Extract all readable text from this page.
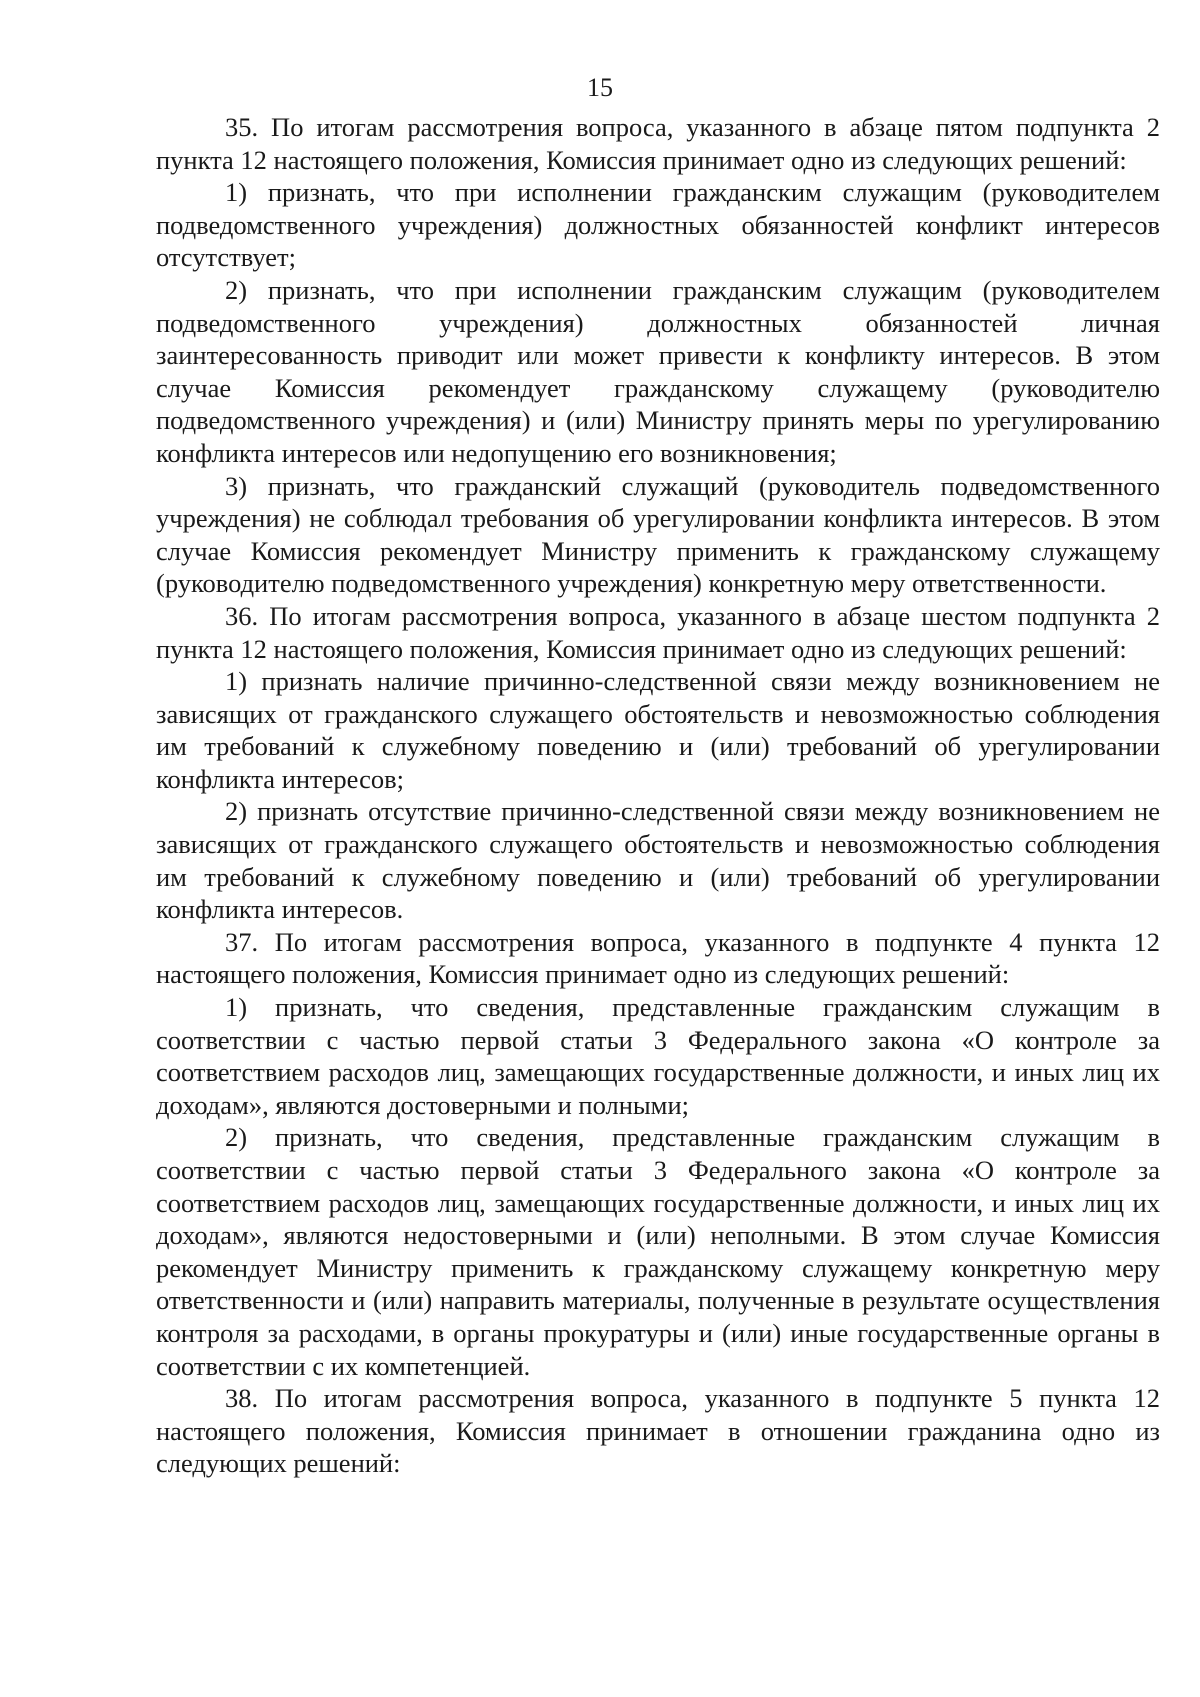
15

35. По итогам рассмотрения вопроса, указанного в абзаце пятом подпункта 2 пункта 12 настоящего положения, Комиссия принимает одно из следующих решений:

1) признать, что при исполнении гражданским служащим (руководителем подведомственного учреждения) должностных обязанностей конфликт интересов отсутствует;

2) признать, что при исполнении гражданским служащим (руководителем подведомственного учреждения) должностных обязанностей личная заинтересованность приводит или может привести к конфликту интересов. В этом случае Комиссия рекомендует гражданскому служащему (руководителю подведомственного учреждения) и (или) Министру принять меры по урегулированию конфликта интересов или недопущению его возникновения;

3) признать, что гражданский служащий (руководитель подведомственного учреждения) не соблюдал требования об урегулировании конфликта интересов. В этом случае Комиссия рекомендует Министру применить к гражданскому служащему (руководителю подведомственного учреждения) конкретную меру ответственности.

36. По итогам рассмотрения вопроса, указанного в абзаце шестом подпункта 2 пункта 12 настоящего положения, Комиссия принимает одно из следующих решений:

1) признать наличие причинно-следственной связи между возникновением не зависящих от гражданского служащего обстоятельств и невозможностью соблюдения им требований к служебному поведению и (или) требований об урегулировании конфликта интересов;

2) признать отсутствие причинно-следственной связи между возникновением не зависящих от гражданского служащего обстоятельств и невозможностью соблюдения им требований к служебному поведению и (или) требований об урегулировании конфликта интересов.

37. По итогам рассмотрения вопроса, указанного в подпункте 4 пункта 12 настоящего положения, Комиссия принимает одно из следующих решений:

1) признать, что сведения, представленные гражданским служащим в соответствии с частью первой статьи 3 Федерального закона «О контроле за соответствием расходов лиц, замещающих государственные должности, и иных лиц их доходам», являются достоверными и полными;

2) признать, что сведения, представленные гражданским служащим в соответствии с частью первой статьи 3 Федерального закона «О контроле за соответствием расходов лиц, замещающих государственные должности, и иных лиц их доходам», являются недостоверными и (или) неполными. В этом случае Комиссия рекомендует Министру применить к гражданскому служащему конкретную меру ответственности и (или) направить материалы, полученные в результате осуществления контроля за расходами, в органы прокуратуры и (или) иные государственные органы в соответствии с их компетенцией.

38. По итогам рассмотрения вопроса, указанного в подпункте 5 пункта 12 настоящего положения, Комиссия принимает в отношении гражданина одно из следующих решений:
